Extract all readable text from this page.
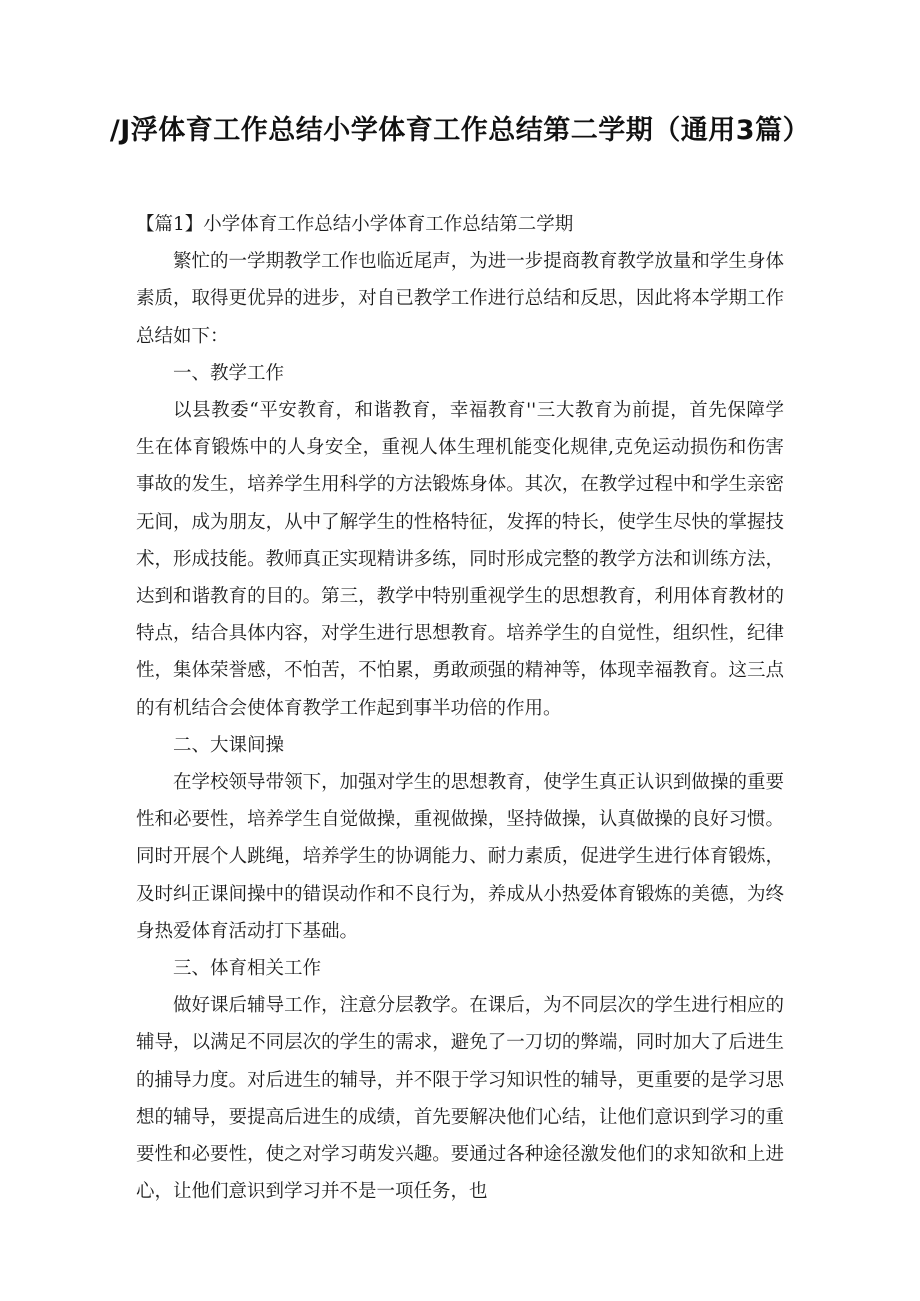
/J浮体育工作总结小学体育工作总结第二学期（通用3篇）

【篇1】小学体育工作总结小学体育工作总结第二学期

繁忙的一学期教学工作也临近尾声，为进一步提商教育教学放量和学生身体素质，取得更优异的进步，对自已教学工作进行总结和反思，因此将本学期工作总结如下：

一、教学工作

以县教委“平安教育，和谐教育，幸福教育''三大教育为前提，首先保障学生在体育锻炼中的人身安全，重视人体生理机能变化规律,克免运动损伤和伤害事故的发生，培养学生用科学的方法锻炼身体。其次，在教学过程中和学生亲密无间，成为朋友，从中了解学生的性格特征，发挥的特长，使学生尽快的掌握技术，形成技能。教师真正实现精讲多练，同时形成完整的教学方法和训练方法，达到和谐教育的目的。第三，教学中特别重视学生的思想教育，利用体育教材的特点，结合具体内容，对学生进行思想教育。培养学生的自觉性，组织性，纪律性，集体荣誉感，不怕苦，不怕累，勇敢顽强的精神等，体现幸福教育。这三点的有机结合会使体育教学工作起到事半功倍的作用。

二、大课间操

在学校领导带领下，加强对学生的思想教育，使学生真正认识到做操的重要性和必要性，培养学生自觉做操，重视做操，坚持做操，认真做操的良好习惯。同时开展个人跳绳，培养学生的协调能力、耐力素质，促进学生进行体育锻炼，及时纠正课间操中的错误动作和不良行为，养成从小热爱体育锻炼的美德，为终身热爱体育活动打下基础。

三、体育相关工作

做好课后辅导工作，注意分层教学。在课后，为不同层次的学生进行相应的辅导，以满足不同层次的学生的需求，避免了一刀切的弊端，同时加大了后进生的捕导力度。对后进生的辅导，并不限于学习知识性的辅导，更重要的是学习思想的辅导，要提高后进生的成绩，首先要解决他们心结，让他们意识到学习的重要性和必要性，使之对学习萌发兴趣。要通过各种途径激发他们的求知欲和上进心，让他们意识到学习并不是一项任务，也
